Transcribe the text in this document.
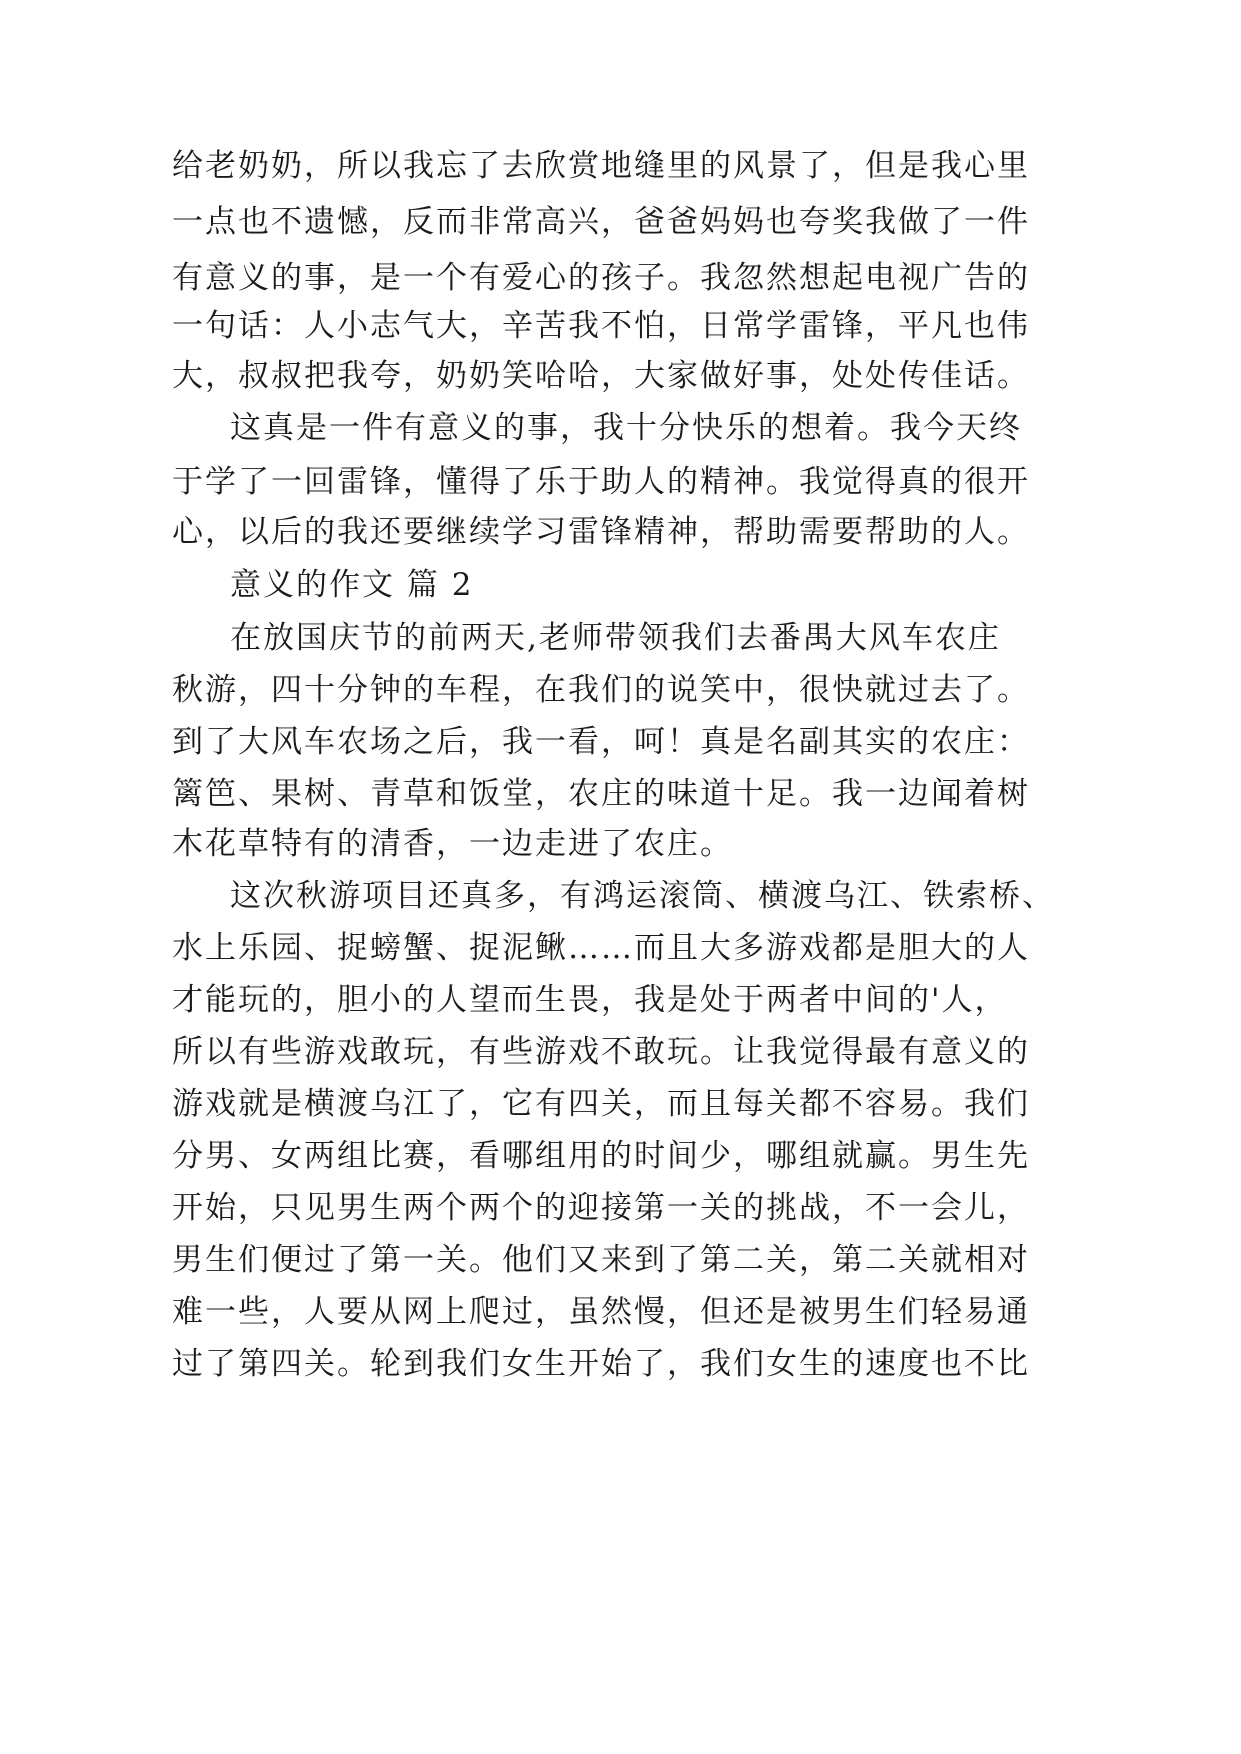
给老奶奶，所以我忘了去欣赏地缝里的风景了，但是我心里
一点也不遗憾，反而非常高兴，爸爸妈妈也夸奖我做了一件
有意义的事，是一个有爱心的孩子。我忽然想起电视广告的
一句话：人小志气大，辛苦我不怕，日常学雷锋，平凡也伟
大，叔叔把我夸，奶奶笑哈哈，大家做好事，处处传佳话。
这真是一件有意义的事，我十分快乐的想着。我今天终
于学了一回雷锋，懂得了乐于助人的精神。我觉得真的很开
心，以后的我还要继续学习雷锋精神，帮助需要帮助的人。
意义的作文 篇 2
在放国庆节的前两天,老师带领我们去番禺大风车农庄
秋游，四十分钟的车程，在我们的说笑中，很快就过去了。
到了大风车农场之后，我一看，呵！真是名副其实的农庄：
篱笆、果树、青草和饭堂，农庄的味道十足。我一边闻着树
木花草特有的清香，一边走进了农庄。
这次秋游项目还真多，有鸿运滚筒、横渡乌江、铁索桥、
水上乐园、捉螃蟹、捉泥鳅……而且大多游戏都是胆大的人
才能玩的，胆小的人望而生畏，我是处于两者中间的'人，
所以有些游戏敢玩，有些游戏不敢玩。让我觉得最有意义的
游戏就是横渡乌江了，它有四关，而且每关都不容易。我们
分男、女两组比赛，看哪组用的时间少，哪组就赢。男生先
开始，只见男生两个两个的迎接第一关的挑战，不一会儿，
男生们便过了第一关。他们又来到了第二关，第二关就相对
难一些，人要从网上爬过，虽然慢，但还是被男生们轻易通
过了第四关。轮到我们女生开始了，我们女生的速度也不比
